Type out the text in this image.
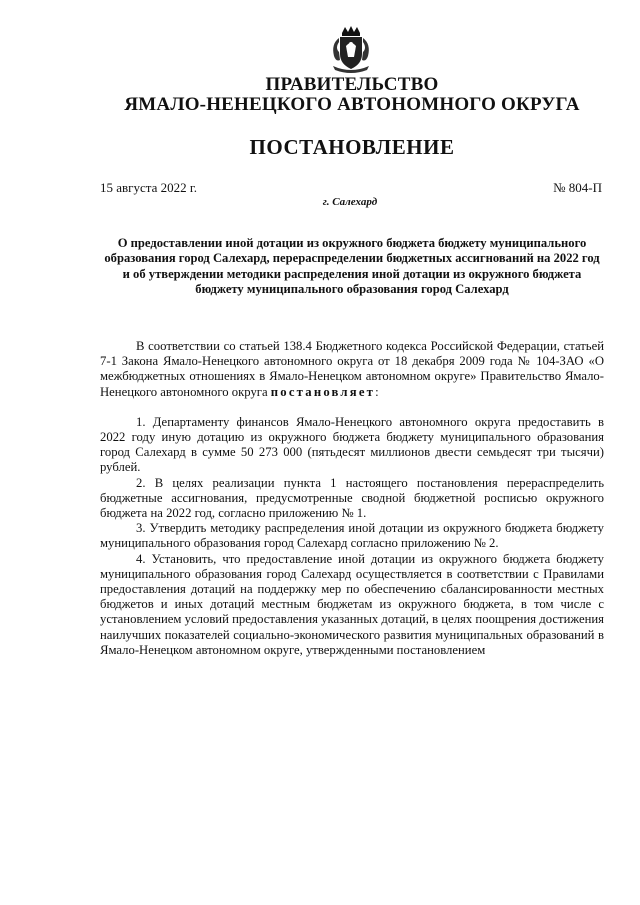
ПРАВИТЕЛЬСТВО
ЯМАЛО-НЕНЕЦКОГО АВТОНОМНОГО ОКРУГА
ПОСТАНОВЛЕНИЕ
15 августа 2022 г.	№ 804-П
г. Салехард
О предоставлении иной дотации из окружного бюджета бюджету муниципального образования город Салехард, перераспределении бюджетных ассигнований на 2022 год и об утверждении методики распределения иной дотации из окружного бюджета бюджету муниципального образования город Салехард

В соответствии со статьей 138.4 Бюджетного кодекса Российской Федерации, статьей 7-1 Закона Ямало-Ненецкого автономного округа от 18 декабря 2009 года № 104-ЗАО «О межбюджетных отношениях в Ямало-Ненецком автономном округе» Правительство Ямало-Ненецкого автономного округа постановляет:

1. Департаменту финансов Ямало-Ненецкого автономного округа предоставить в 2022 году иную дотацию из окружного бюджета бюджету муниципального образования город Салехард в сумме 50 273 000 (пятьдесят миллионов двести семьдесят три тысячи) рублей.

2. В целях реализации пункта 1 настоящего постановления перераспределить бюджетные ассигнования, предусмотренные сводной бюджетной росписью окружного бюджета на 2022 год, согласно приложению № 1.

3. Утвердить методику распределения иной дотации из окружного бюджета бюджету муниципального образования город Салехард согласно приложению № 2.

4. Установить, что предоставление иной дотации из окружного бюджета бюджету муниципального образования город Салехард осуществляется в соответствии с Правилами предоставления дотаций на поддержку мер по обеспечению сбалансированности местных бюджетов и иных дотаций местным бюджетам из окружного бюджета, в том числе с установлением условий предоставления указанных дотаций, в целях поощрения достижения наилучших показателей социально-экономического развития муниципальных образований в Ямало-Ненецком автономном округе, утвержденными постановлением
